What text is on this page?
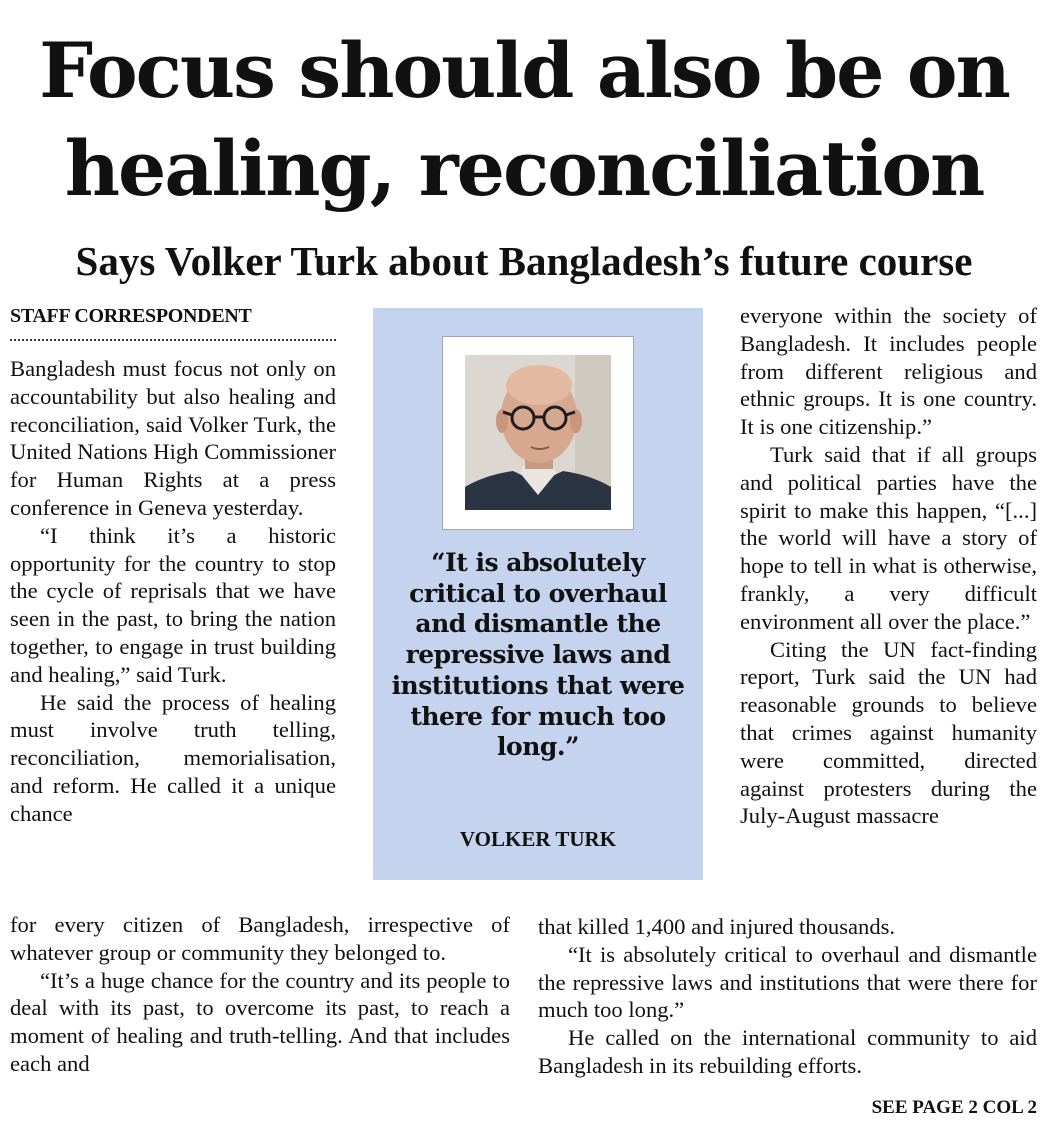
Focus should also be on
healing, reconciliation
Says Volker Turk about Bangladesh’s future course
STAFF CORRESPONDENT

Bangladesh must focus not only on accountability but also healing and reconciliation, said Volker Turk, the United Nations High Commissioner for Human Rights at a press conference in Geneva yesterday.

“I think it’s a historic opportunity for the country to stop the cycle of reprisals that we have seen in the past, to bring the nation together, to engage in trust building and healing,” said Turk.

He said the process of healing must involve truth telling, reconciliation, memorialisation, and reform. He called it a unique chance

for every citizen of Bangladesh, irrespective of whatever group or community they belonged to.

“It’s a huge chance for the country and its people to deal with its past, to overcome its past, to reach a moment of healing and truth-telling. And that includes each and

“It is absolutely critical to overhaul and dismantle the repressive laws and institutions that were there for much too long.”
VOLKER TURK

everyone within the society of Bangladesh. It includes people from different religious and ethnic groups. It is one country. It is one citizenship.”

Turk said that if all groups and political parties have the spirit to make this happen, “[...] the world will have a story of hope to tell in what is otherwise, frankly, a very difficult environment all over the place.”

Citing the UN fact-finding report, Turk said the UN had reasonable grounds to believe that crimes against humanity were committed, directed against protesters during the July-August massacre

that killed 1,400 and injured thousands.

“It is absolutely critical to overhaul and dismantle the repressive laws and institutions that were there for much too long.”

He called on the international community to aid Bangladesh in its rebuilding efforts.

SEE PAGE 2 COL 2
